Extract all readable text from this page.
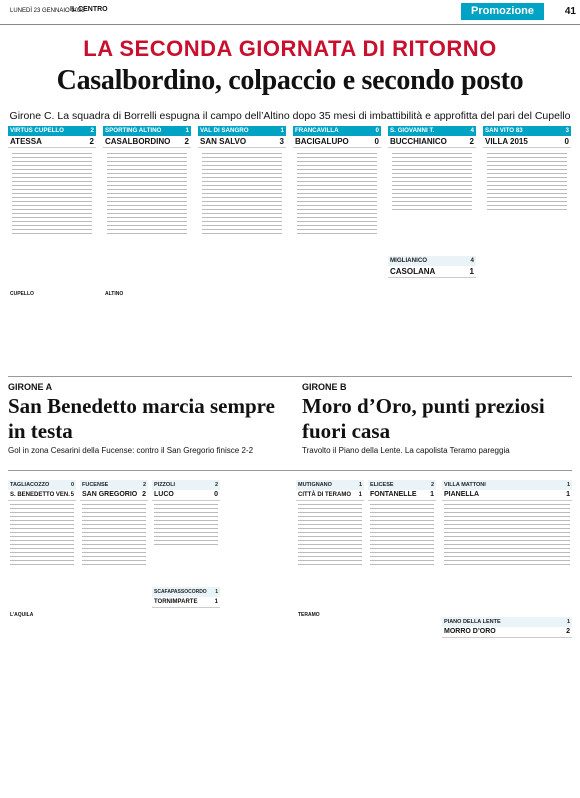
LUNEDÌ 23 GENNAIO 2023
IL CENTRO	Promozione	41
LA SECONDA GIORNATA DI RITORNO
Casalbordino, colpaccio e secondo posto
Girone C. La squadra di Borrelli espugna il campo dell’Altino dopo 35 mesi di imbattibilità e approfitta del pari del Cupello
VIRTUS CUPELLO	2
ATESSA	2
CUPELLO
SPORTING ALTINO	1
CASALBORDINO 2
ALTINO
VAL DI SANGRO	1
SAN SALVO	3
FRANCAVILLA	0
BACIGALUPO	0
S. GIOVANNI T.	4
BUCCHIANICO	2
MIGLIANICO	4
CASOLANA	1
SAN VITO 83	3
VILLA 2015	0
GIRONE A
San Benedetto marcia sempre in testa
Gol in zona Cesarini della Fucense: contro il San Gregorio finisce 2-2
GIRONE B
Moro d’Oro, punti preziosi fuori casa
Travolto il Piano della Lente. La capolista Teramo pareggia
TAGLIACOZZO	0
S. BENEDETTO VEN. 5
L’AQUILA
FUCENSE	2
SAN GREGORIO 2
PIZZOLI	2
LUCO	0
SCAFAPASSOCORDO 1
TORNIMPARTE	1
MUTIGNANO	1
CITTÀ DI TERAMO 1
TERAMO
ELICESE	2
FONTANELLE 1
VILLA MATTONI	1
PIANELLA	1
PIANO DELLA LENTE	1
MORRO D’ORO	2
